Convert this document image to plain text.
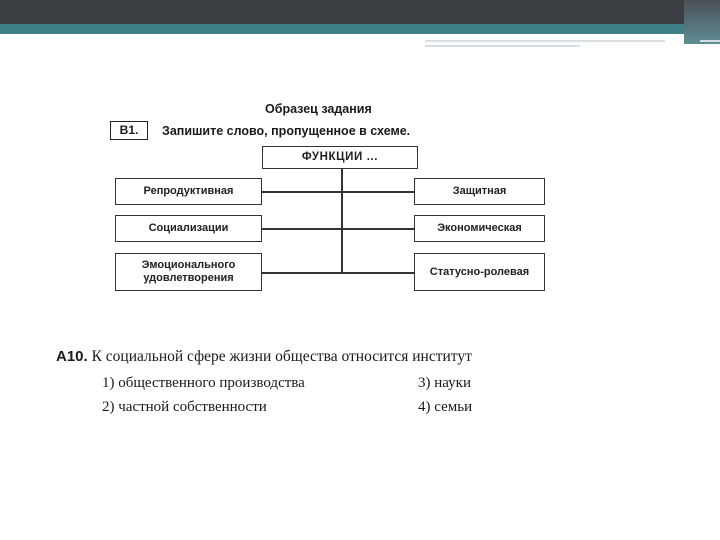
Образец задания
В1.	Запишите слово, пропущенное в схеме.
ФУНКЦИИ ...
Репродуктивная
Социализации
Эмоционального удовлетворения
Защитная
Экономическая
Статусно-ролевая
А10. К социальной сфере жизни общества относится институт
1) общественного производства
2) частной собственности
3) науки
4) семьи
